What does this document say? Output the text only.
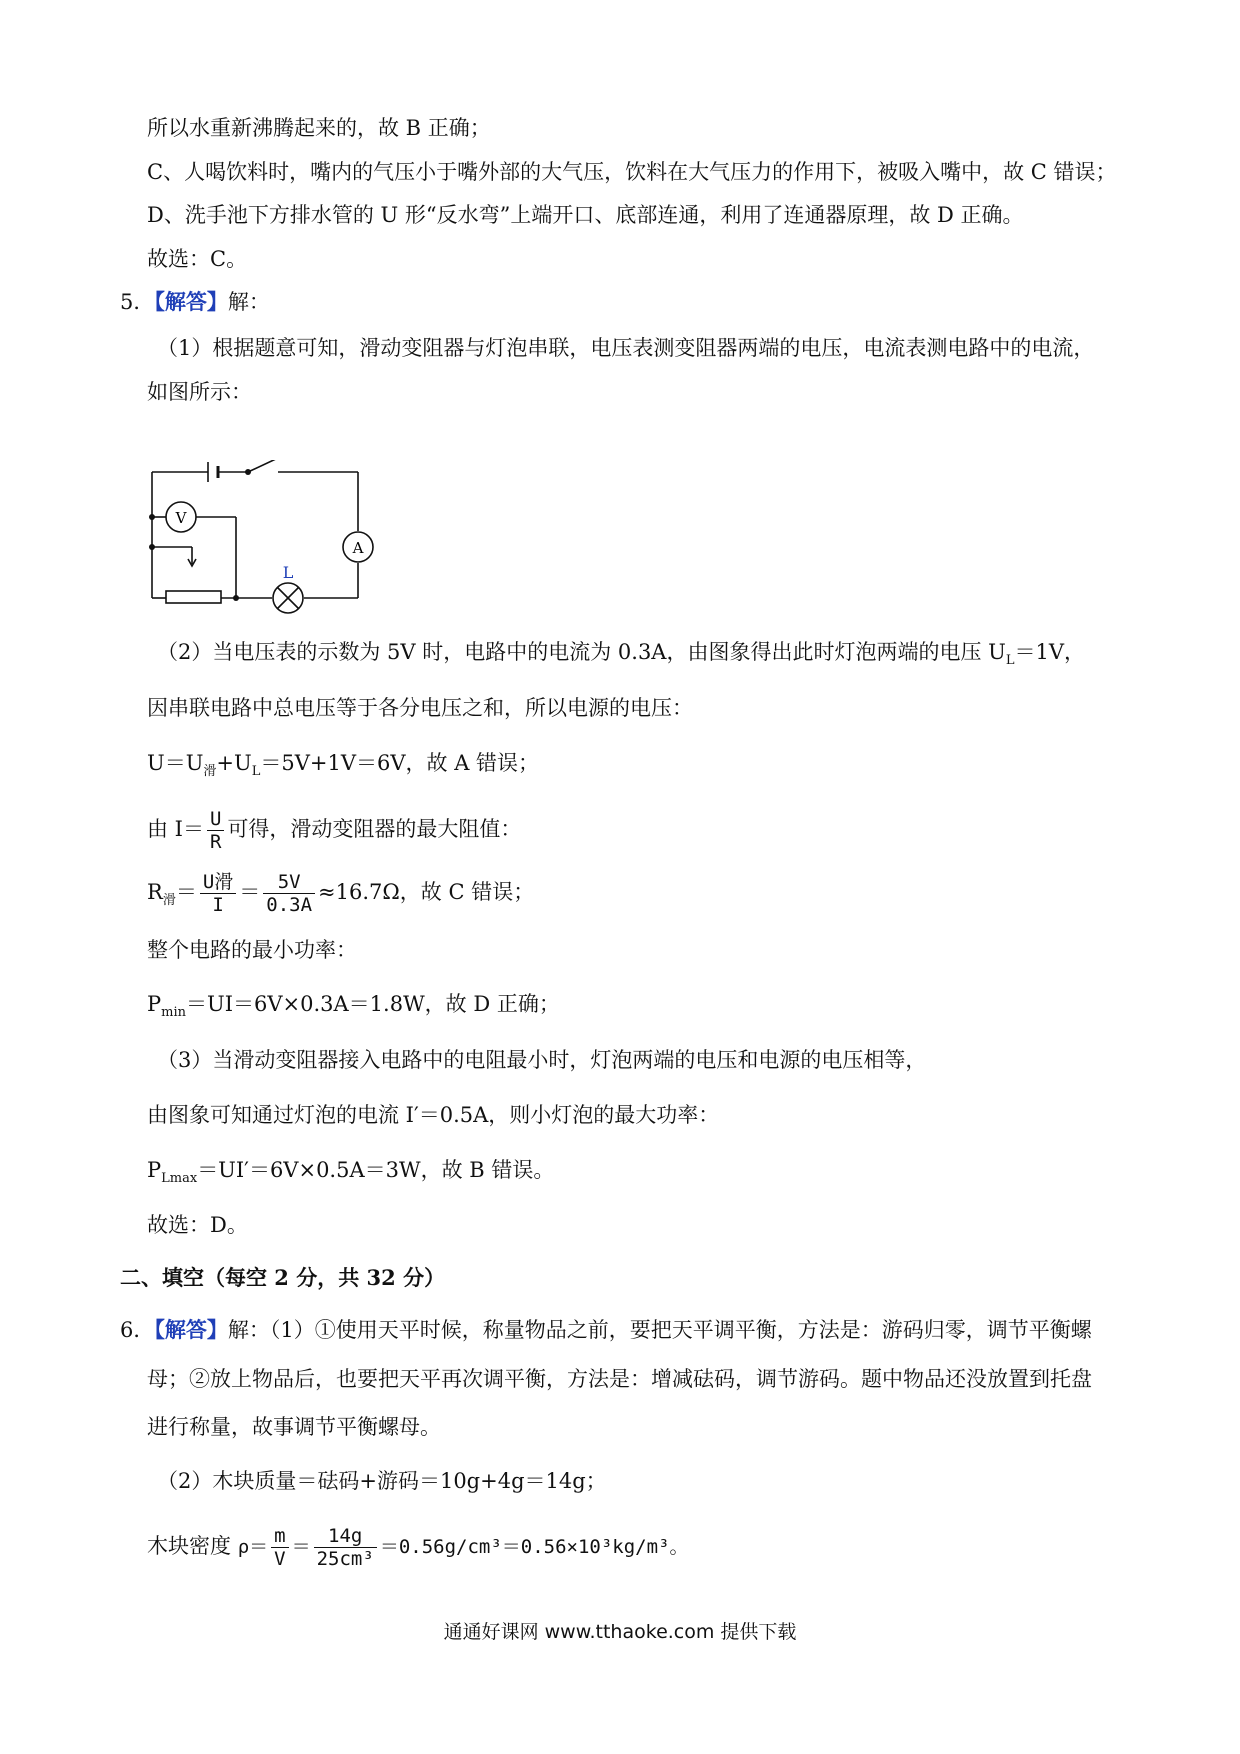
所以水重新沸腾起来的，故 B 正确；
C、人喝饮料时，嘴内的气压小于嘴外部的大气压，饮料在大气压力的作用下，被吸入嘴中，故 C 错误；
D、洗手池下方排水管的 U 形“反水弯”上端开口、底部连通，利用了连通器原理，故 D 正确。
故选：C。
5．【解答】解：
（1）根据题意可知，滑动变阻器与灯泡串联，电压表测变阻器两端的电压，电流表测电路中的电流，
如图所示：
V
A
L
（2）当电压表的示数为 5V 时，电路中的电流为 0.3A，由图象得出此时灯泡两端的电压 $U_L=1V$，
因串联电路中总电压等于各分电压之和，所以电源的电压：
$U=U_滑+U_L=5V+1V=6V$，故 A 错误；
由 $I= \frac{U}{R}$ 可得，滑动变阻器的最大阻值：
$R_滑= \frac{\text{U滑}}{I} = \frac{5V}{0.3A} \approx 16.7\Omega$，故 C 错误；
整个电路的最小功率：
$P_{min}=UI=6V\times 0.3A=1.8W$，故 D 正确；
（3）当滑动变阻器接入电路中的电阻最小时，灯泡两端的电压和电源的电压相等，
由图象可知通过灯泡的电流 I′＝0.5A，则小灯泡的最大功率：
$P_{Lmax}=UI'=6V\times 0.5A=3W$，故 B 错误。
故选：D。
二、填空（每空 2 分，共 32 分）
6．【解答】解：（1）①使用天平时候，称量物品之前，要把天平调平衡，方法是：游码归零，调节平衡螺
母；②放上物品后，也要把天平再次调平衡，方法是：增减砝码，调节游码。题中物品还没放置到托盘
进行称量，故事调节平衡螺母。
（2）木块质量＝砝码+游码＝10g+4g＝14g；
木块密度 $\rho= \frac{m}{V} = \frac{14g}{\text{25cm³}} =0.56g/cm^3=0.56\times 10^3kg/m^3$。
通通好课网 www.tthaoke.com 提供下载
